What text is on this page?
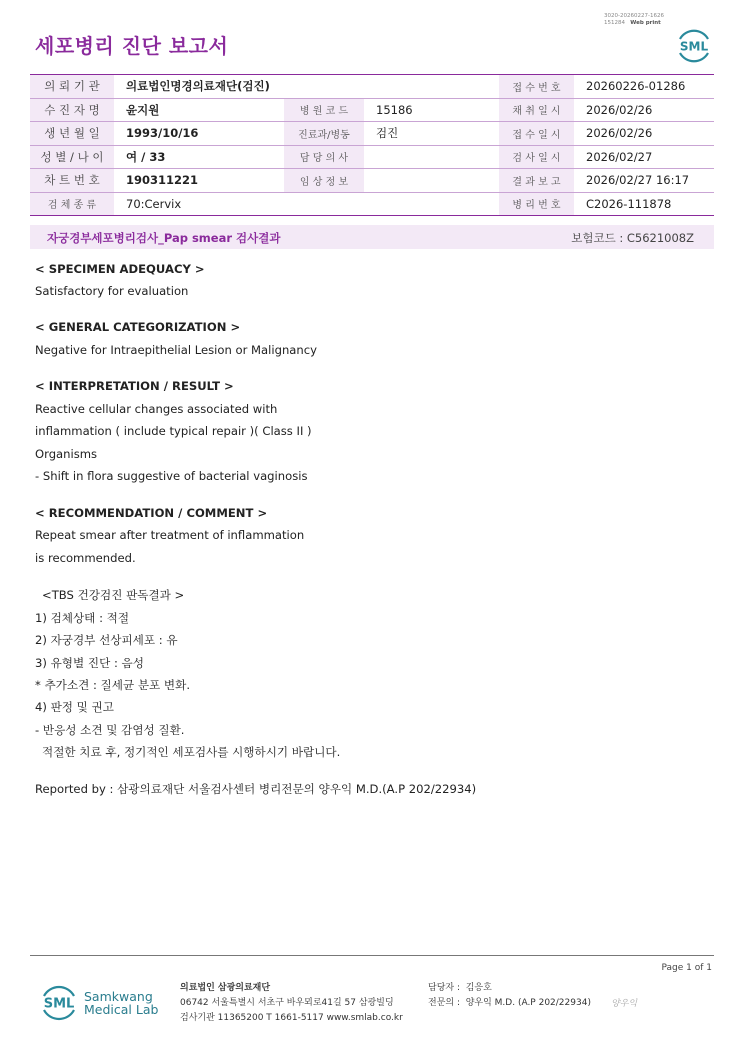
3020-20260227-1626
151284 Web print
세포병리 진단 보고서	SML
의 뢰 기 관	의료법인명경의료재단(검진)			접 수 번 호	20260226-01286
수 진 자 명	윤지원	병 원 코 드	15186	채 취 일 시	2026/02/26
생 년 월 일	1993/10/16	진료과/병동	검진	접 수 일 시	2026/02/26
성 별 / 나 이	여 / 33	담 당 의 사		검 사 일 시	2026/02/27
차 트 번 호	190311221	임 상 정 보		결 과 보 고	2026/02/27 16:17
검 체 종 류	70:Cervix			병 리 번 호	C2026-111878
자궁경부세포병리검사_Pap smear 검사결과	보험코드 : C5621008Z
< SPECIMEN ADEQUACY >
Satisfactory for evaluation
< GENERAL CATEGORIZATION >
Negative for Intraepithelial Lesion or Malignancy
< INTERPRETATION / RESULT >
Reactive cellular changes associated with
inflammation ( include typical repair )( Class II )
Organisms
- Shift in flora suggestive of bacterial vaginosis
< RECOMMENDATION / COMMENT >
Repeat smear after treatment of inflammation
is recommended.
<TBS 건강검진 판독결과 >
1) 검체상태 : 적절
2) 자궁경부 선상피세포 : 유
3) 유형별 진단 : 음성
* 추가소견 : 질세균 분포 변화.
4) 판정 및 권고
- 반응성 소견 및 감염성 질환.
적절한 치료 후, 정기적인 세포검사를 시행하시기 바랍니다.
Reported by : 삼광의료재단 서울검사센터 병리전문의 양우익 M.D.(A.P 202/22934)
Page 1 of 1
SML Samkwang
Medical Lab
의료법인 삼광의료재단
06742 서울특별시 서초구 바우뫼로41길 57 삼광빌딩
검사기관 11365200 T 1661-5117 www.smlab.co.kr
담당자 : 김응호
전문의 : 양우익 M.D. (A.P 202/22934) 양우익
